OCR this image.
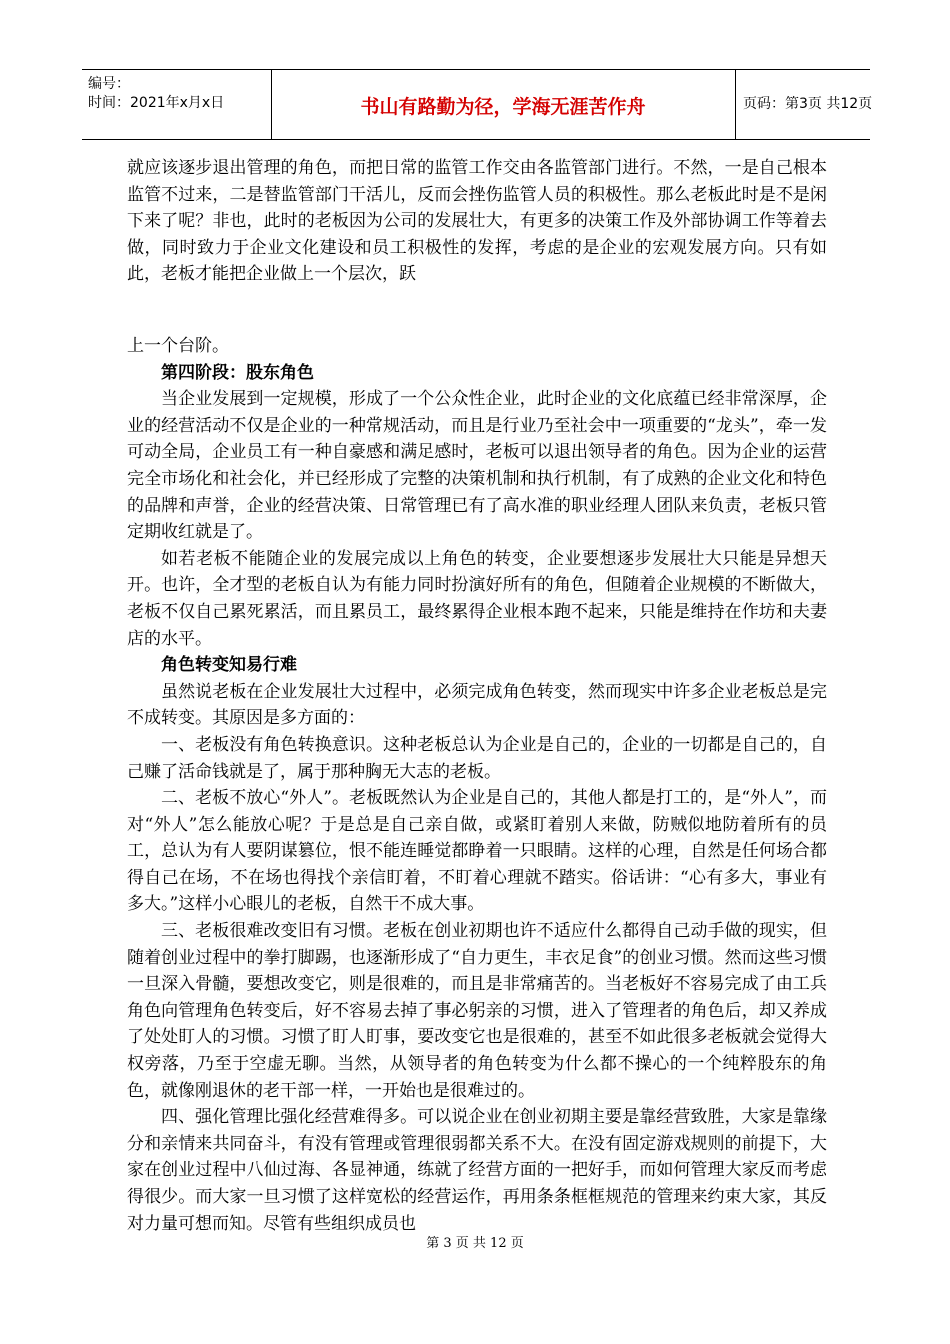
编号：
时间：2021年x月x日	书山有路勤为径，学海无涯苦作舟	页码：第3页 共12页

就应该逐步退出管理的角色，而把日常的监管工作交由各监管部门进行。不然，一是自己根本监管不过来，二是替监管部门干活儿，反而会挫伤监管人员的积极性。那么老板此时是不是闲下来了呢？非也，此时的老板因为公司的发展壮大，有更多的决策工作及外部协调工作等着去做，同时致力于企业文化建设和员工积极性的发挥，考虑的是企业的宏观发展方向。只有如此，老板才能把企业做上一个层次，跃

上一个台阶。

第四阶段：股东角色

当企业发展到一定规模，形成了一个公众性企业，此时企业的文化底蕴已经非常深厚，企业的经营活动不仅是企业的一种常规活动，而且是行业乃至社会中一项重要的“龙头”，牵一发可动全局，企业员工有一种自豪感和满足感时，老板可以退出领导者的角色。因为企业的运营完全市场化和社会化，并已经形成了完整的决策机制和执行机制，有了成熟的企业文化和特色的品牌和声誉，企业的经营决策、日常管理已有了高水准的职业经理人团队来负责，老板只管定期收红就是了。

如若老板不能随企业的发展完成以上角色的转变，企业要想逐步发展壮大只能是异想天开。也许，全才型的老板自认为有能力同时扮演好所有的角色，但随着企业规模的不断做大，老板不仅自己累死累活，而且累员工，最终累得企业根本跑不起来，只能是维持在作坊和夫妻店的水平。

角色转变知易行难

虽然说老板在企业发展壮大过程中，必须完成角色转变，然而现实中许多企业老板总是完不成转变。其原因是多方面的：

一、老板没有角色转换意识。这种老板总认为企业是自己的，企业的一切都是自己的，自己赚了活命钱就是了，属于那种胸无大志的老板。

二、老板不放心“外人”。老板既然认为企业是自己的，其他人都是打工的，是“外人”，而对“外人”怎么能放心呢？于是总是自己亲自做，或紧盯着别人来做，防贼似地防着所有的员工，总认为有人要阴谋篡位，恨不能连睡觉都睁着一只眼睛。这样的心理，自然是任何场合都得自己在场，不在场也得找个亲信盯着，不盯着心理就不踏实。俗话讲：“心有多大，事业有多大。”这样小心眼儿的老板，自然干不成大事。

三、老板很难改变旧有习惯。老板在创业初期也许不适应什么都得自己动手做的现实，但随着创业过程中的拳打脚踢，也逐渐形成了“自力更生，丰衣足食”的创业习惯。然而这些习惯一旦深入骨髓，要想改变它，则是很难的，而且是非常痛苦的。当老板好不容易完成了由工兵角色向管理角色转变后，好不容易去掉了事必躬亲的习惯，进入了管理者的角色后，却又养成了处处盯人的习惯。习惯了盯人盯事，要改变它也是很难的，甚至不如此很多老板就会觉得大权旁落，乃至于空虚无聊。当然，从领导者的角色转变为什么都不操心的一个纯粹股东的角色，就像刚退休的老干部一样，一开始也是很难过的。

四、强化管理比强化经营难得多。可以说企业在创业初期主要是靠经营致胜，大家是靠缘分和亲情来共同奋斗，有没有管理或管理很弱都关系不大。在没有固定游戏规则的前提下，大家在创业过程中八仙过海、各显神通，练就了经营方面的一把好手，而如何管理大家反而考虑得很少。而大家一旦习惯了这样宽松的经营运作，再用条条框框规范的管理来约束大家，其反对力量可想而知。尽管有些组织成员也

第 3 页 共 12 页
